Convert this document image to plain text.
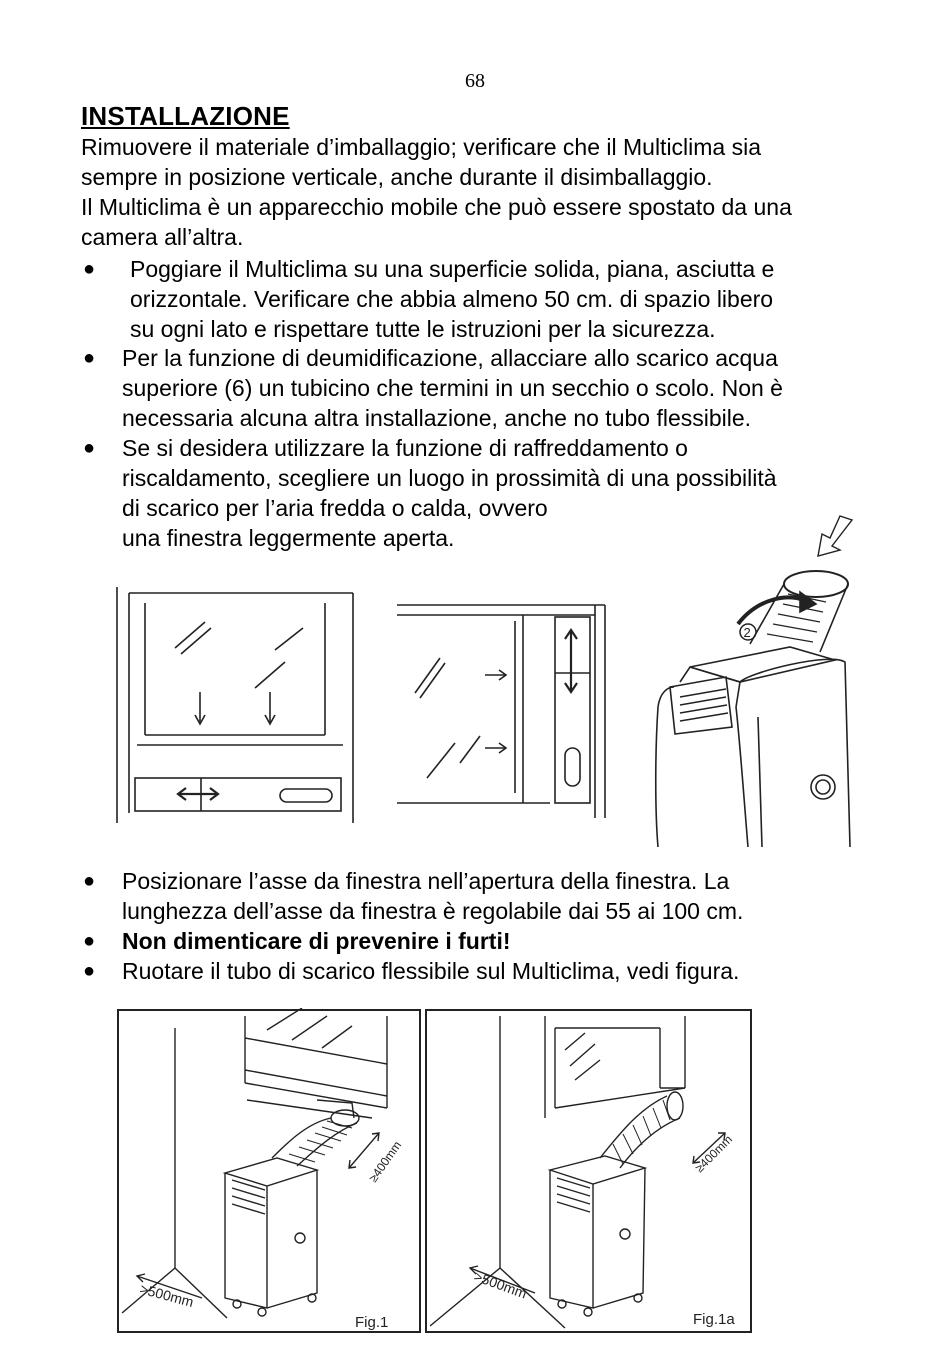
68
INSTALLAZIONE
Rimuovere il materiale d’imballaggio; verificare che il Multiclima sia
sempre in posizione verticale, anche durante il disimballaggio.
Il Multiclima è un apparecchio mobile che può essere spostato da una
camera all’altra.
● Poggiare il Multiclima su una superficie solida, piana, asciutta e
orizzontale. Verificare che abbia almeno 50 cm. di spazio libero
su ogni lato e rispettare tutte le istruzioni per la sicurezza.
● Per la funzione di deumidificazione, allacciare allo scarico acqua
superiore (6) un tubicino che termini in un secchio o scolo. Non è
necessaria alcuna altra installazione, anche no tubo flessibile.
● Se si desidera utilizzare la funzione di raffreddamento o
riscaldamento, scegliere un luogo in prossimità di una possibilità
di scarico per l’aria fredda o calda, ovvero
una finestra leggermente aperta.
2
● Posizionare l’asse da finestra nell’apertura della finestra. La
lunghezza dell’asse da finestra è regolabile dai 55 ai 100 cm.
● Non dimenticare di prevenire i furti!
● Ruotare il tubo di scarico flessibile sul Multiclima, vedi figura.
≥400mm
>500mm
Fig.1
≥400mm
>500mm
Fig.1a
